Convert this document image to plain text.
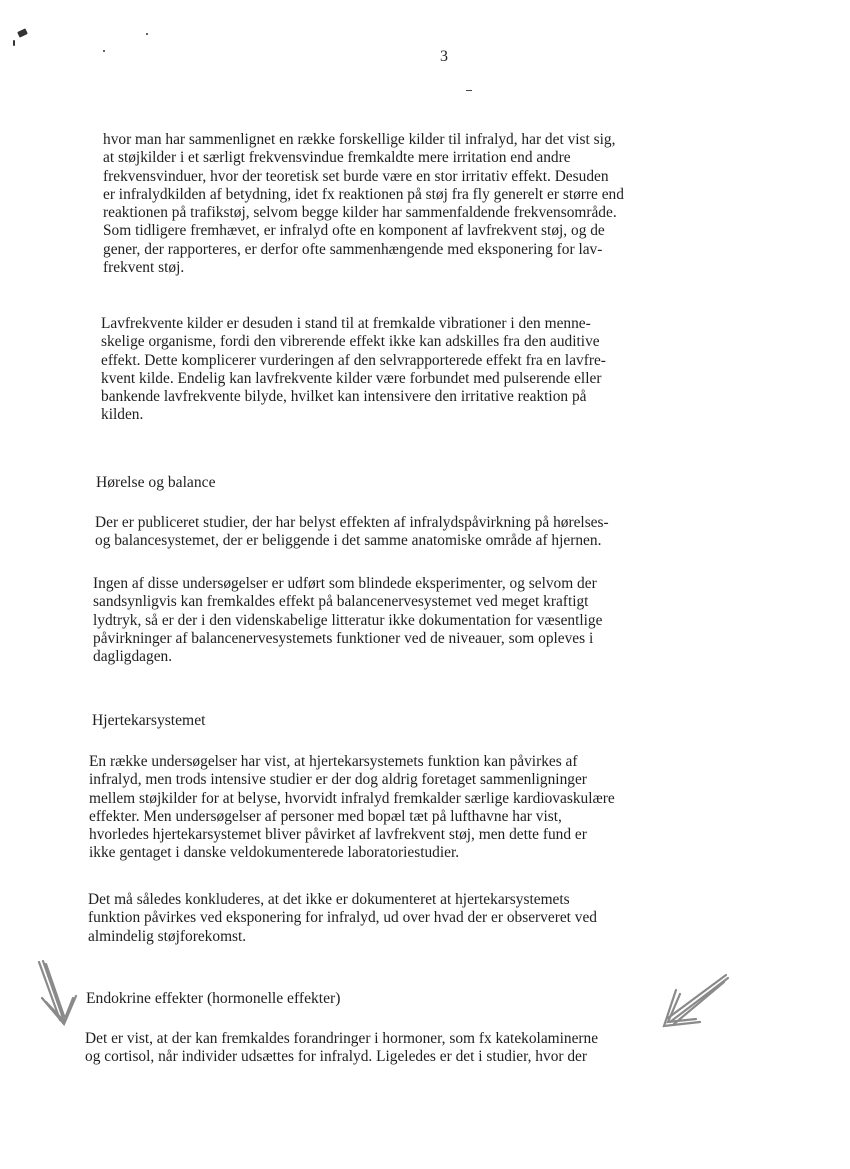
3

hvor man har sammenlignet en række forskellige kilder til infralyd, har det vist sig,
at støjkilder i et særligt frekvensvindue fremkaldte mere irritation end andre
frekvensvinduer, hvor der teoretisk set burde være en stor irritativ effekt. Desuden
er infralydkilden af betydning, idet fx reaktionen på støj fra fly generelt er større end
reaktionen på trafikstøj, selvom begge kilder har sammenfaldende frekvensområde.
Som tidligere fremhævet, er infralyd ofte en komponent af lavfrekvent støj, og de
gener, der rapporteres, er derfor ofte sammenhængende med eksponering for lav-
frekvent støj.

Lavfrekvente kilder er desuden i stand til at fremkalde vibrationer i den menne-
skelige organisme, fordi den vibrerende effekt ikke kan adskilles fra den auditive
effekt. Dette komplicerer vurderingen af den selvrapporterede effekt fra en lavfre-
kvent kilde. Endelig kan lavfrekvente kilder være forbundet med pulserende eller
bankende lavfrekvente bilyde, hvilket kan intensivere den irritative reaktion på
kilden.

Hørelse og balance

Der er publiceret studier, der har belyst effekten af infralydspåvirkning på hørelses-
og balancesystemet, der er beliggende i det samme anatomiske område af hjernen.

Ingen af disse undersøgelser er udført som blindede eksperimenter, og selvom der
sandsynligvis kan fremkaldes effekt på balancenervesystemet ved meget kraftigt
lydtryk, så er der i den videnskabelige litteratur ikke dokumentation for væsentlige
påvirkninger af balancenervesystemets funktioner ved de niveauer, som opleves i
dagligdagen.

Hjertekarsystemet

En række undersøgelser har vist, at hjertekarsystemets funktion kan påvirkes af
infralyd, men trods intensive studier er der dog aldrig foretaget sammenligninger
mellem støjkilder for at belyse, hvorvidt infralyd fremkalder særlige kardiovaskulære
effekter. Men undersøgelser af personer med bopæl tæt på lufthavne har vist,
hvorledes hjertekarsystemet bliver påvirket af lavfrekvent støj, men dette fund er
ikke gentaget i danske veldokumenterede laboratoriestudier.

Det må således konkluderes, at det ikke er dokumenteret at hjertekarsystemets
funktion påvirkes ved eksponering for infralyd, ud over hvad der er observeret ved
almindelig støjforekomst.

Endokrine effekter (hormonelle effekter)

Det er vist, at der kan fremkaldes forandringer i hormoner, som fx katekolaminerne
og cortisol, når individer udsættes for infralyd. Ligeledes er det i studier, hvor der
